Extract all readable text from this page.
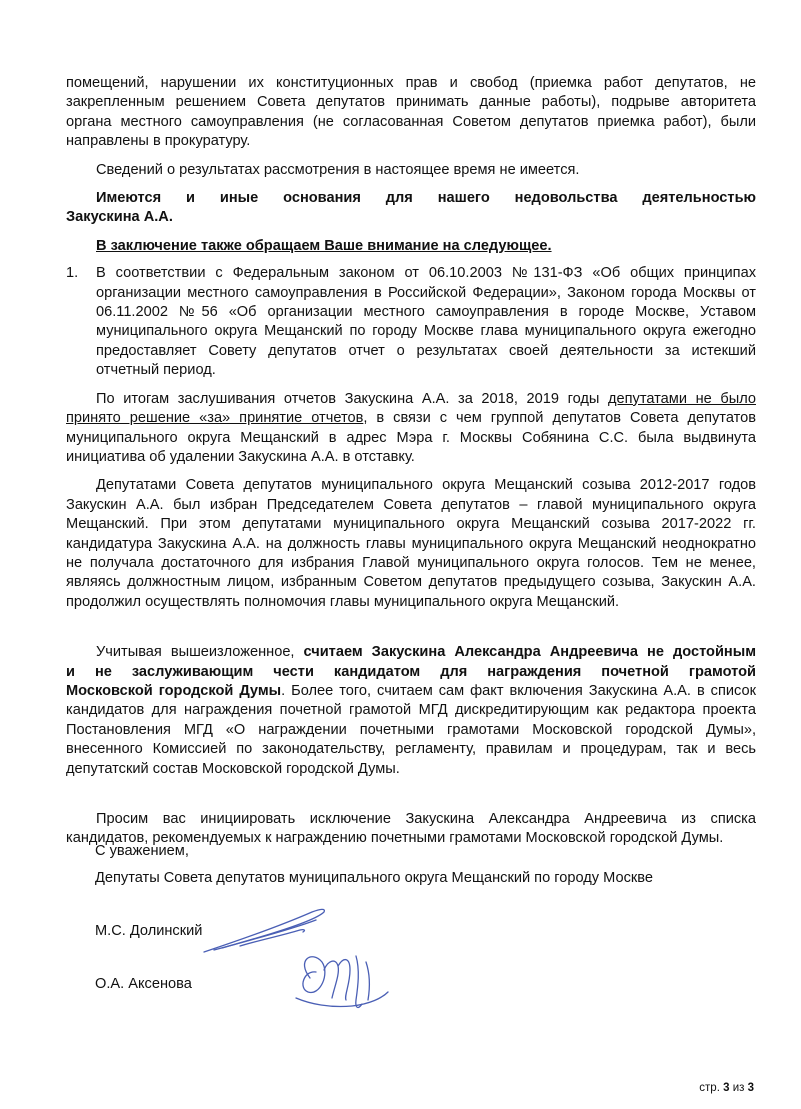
помещений, нарушении их конституционных прав и свобод (приемка работ депутатов, не

закрепленным решением Совета депутатов принимать данные работы), подрыве авторитета

органа местного самоуправления (не согласованная Советом депутатов приемка работ), были

направлены в прокуратуру.

Сведений о результатах рассмотрения в настоящее время не имеется.

Имеются и иные основания для нашего недовольства деятельностью

Закускина А.А.

В заключение также обращаем Ваше внимание на следующее.

1. В соответствии с Федеральным законом от 06.10.2003 №131-ФЗ «Об общих принципах

организации местного самоуправления в Российской Федерации», Законом города Москвы от

06.11.2002 №56 «Об организации местного самоуправления в городе Москве, Уставом

муниципального округа Мещанский по городу Москве глава муниципального округа ежегодно

предоставляет Совету депутатов отчет о результатах своей деятельности за истекший

отчетный период.

По итогам заслушивания отчетов Закускина А.А. за 2018, 2019 годы депутатами не было

принято решение «за» принятие отчетов, в связи с чем группой депутатов Совета депутатов

муниципального округа Мещанский в адрес Мэра г. Москвы Собянина С.С. была выдвинута

инициатива об удалении Закускина А.А. в отставку.

Депутатами Совета депутатов муниципального округа Мещанский созыва 2012-2017 годов

Закускин А.А. был избран Председателем Совета депутатов – главой муниципального округа

Мещанский. При этом депутатами муниципального округа Мещанский созыва 2017-2022 гг.

кандидатура Закускина А.А. на должность главы муниципального округа Мещанский неоднократно

не получала достаточного для избрания Главой муниципального округа голосов. Тем не менее,

являясь должностным лицом, избранным Советом депутатов предыдущего созыва, Закускин А.А.

продолжил осуществлять полномочия главы муниципального округа Мещанский.

Учитывая вышеизложенное, считаем Закускина Александра Андреевича не достойным

и не заслуживающим чести кандидатом для награждения почетной грамотой

Московской городской Думы. Более того, считаем сам факт включения Закускина А.А. в список

кандидатов для награждения почетной грамотой МГД дискредитирующим как редактора проекта

Постановления МГД «О награждении почетными грамотами Московской городской Думы»,

внесенного Комиссией по законодательству, регламенту, правилам и процедурам, так и весь

депутатский состав Московской городской Думы.

Просим вас инициировать исключение Закускина Александра Андреевича из списка

кандидатов, рекомендуемых к награждению почетными грамотами Московской городской Думы.

С уважением,
Депутаты Совета депутатов муниципального округа Мещанский по городу Москве
М.С. Долинский
О.А. Аксенова
стр. 3 из 3
